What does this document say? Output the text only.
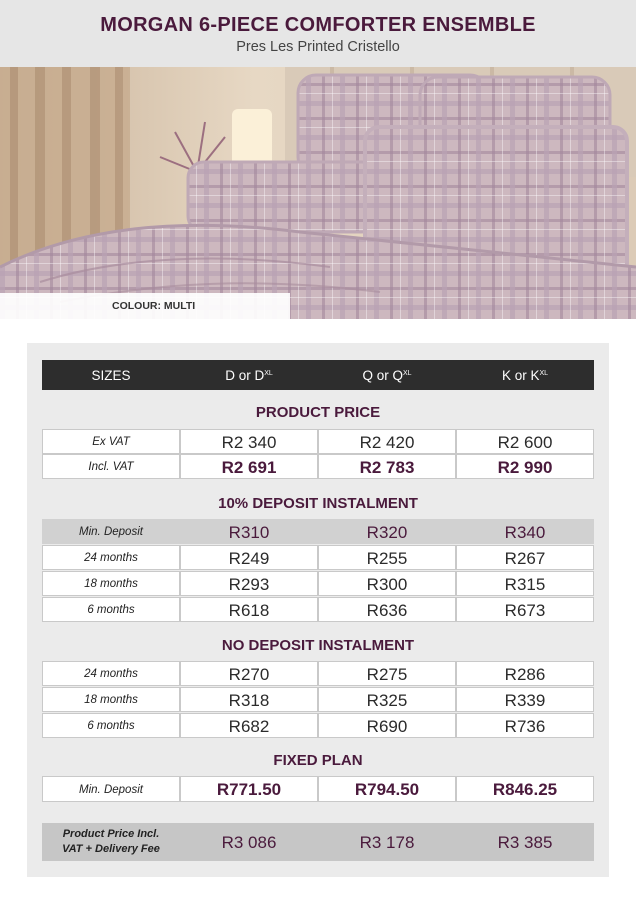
MORGAN 6-PIECE COMFORTER ENSEMBLE
Pres Les Printed Cristello
COLOUR: MULTI
SIZES	D or $D^{XL}$	Q or $Q^{XL}$	K or $K^{XL}$
PRODUCT PRICE
Ex VAT	R2 340	R2 420	R2 600
Incl. VAT	R2 691	R2 783	R2 990
10% DEPOSIT INSTALMENT
Min. Deposit	R310	R320	R340
24 months	R249	R255	R267
18 months	R293	R300	R315
6 months	R618	R636	R673
NO DEPOSIT INSTALMENT
24 months	R270	R275	R286
18 months	R318	R325	R339
6 months	R682	R690	R736
FIXED PLAN
Min. Deposit	R771.50	R794.50	R846.25
Product Price Incl.
VAT + Delivery Fee	R3 086	R3 178	R3 385
